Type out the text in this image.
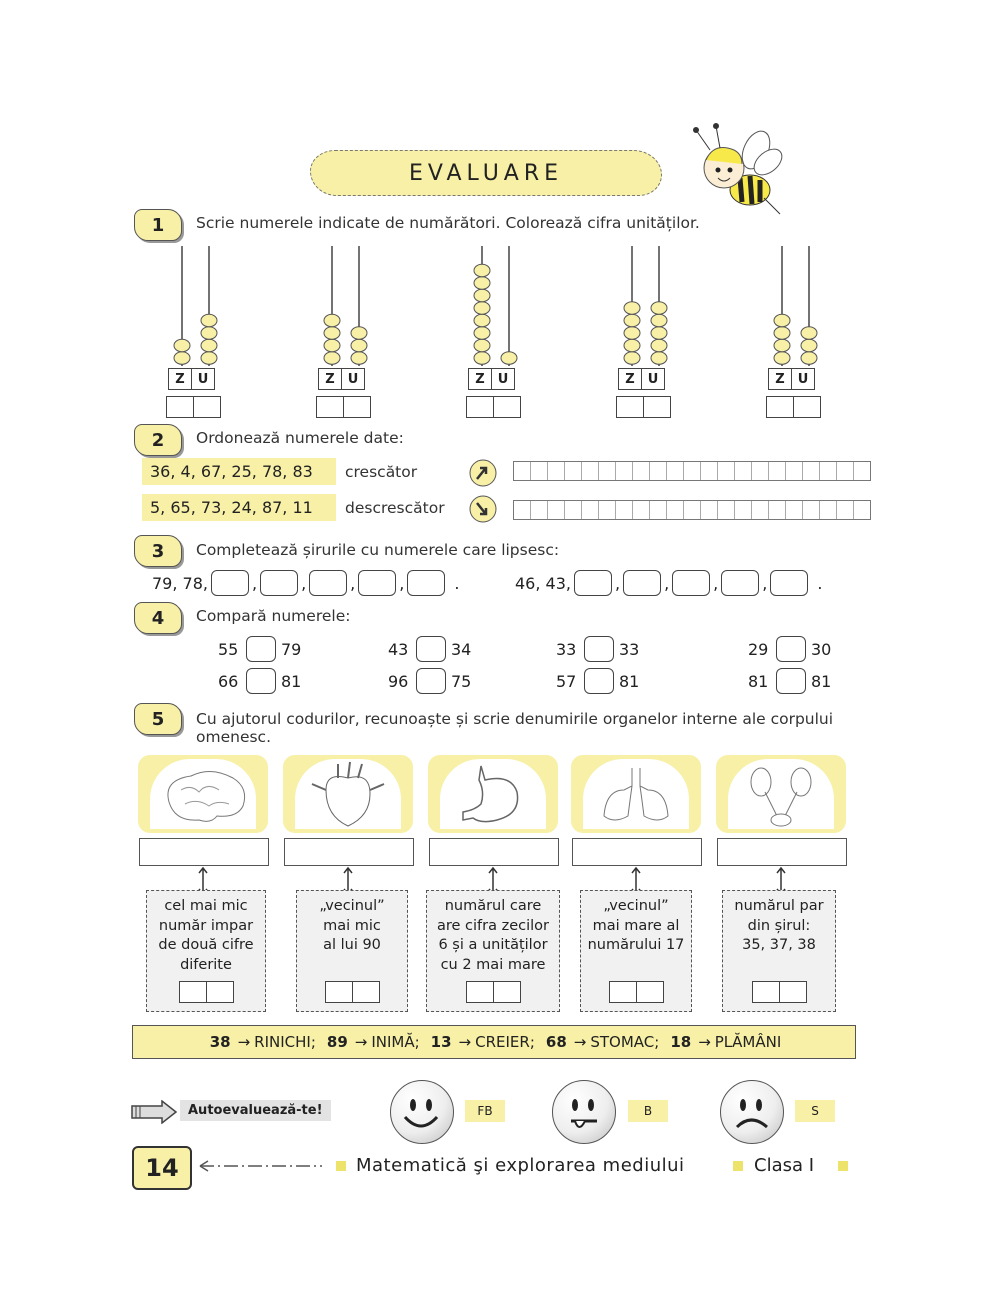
EVALUARE
1	Scrie numerele indicate de numărători. Colorează cifra unităților.
2	Ordonează numerele date:
36, 4, 67, 25, 78, 83	crescător
5, 65, 73, 24, 87, 11	descrescător
3	Completează șirurile cu numerele care lipsesc:
79, 78,	,	,	,	,	.	46, 43,	,	,	,	,	.
4	Compară numerele:
5	Cu ajutorul codurilor, recunoaște și scrie denumirile organelor interne ale corpului
omenesc.
38 → RINICHI; 89 → INIMĂ; 13 → CREIER; 68 → STOMAC; 18 → PLĂMÂNI
Autoevaluează-te!	FB	B	S
14	Matematică şi explorarea mediului	Clasa I
Z	U	Z	U	Z	U	Z	U	Z	U
55	79	43	34	33	33	29	30
66	81	96	75	57	81	81	81
cel mai mic
număr impar
de două cifre
diferite
„vecinul”
mai mic
al lui 90
numărul care
are cifra zecilor
6 și a unităților
cu 2 mai mare
„vecinul”
mai mare al
numărului 17
numărul par
din șirul:
35, 37, 38
